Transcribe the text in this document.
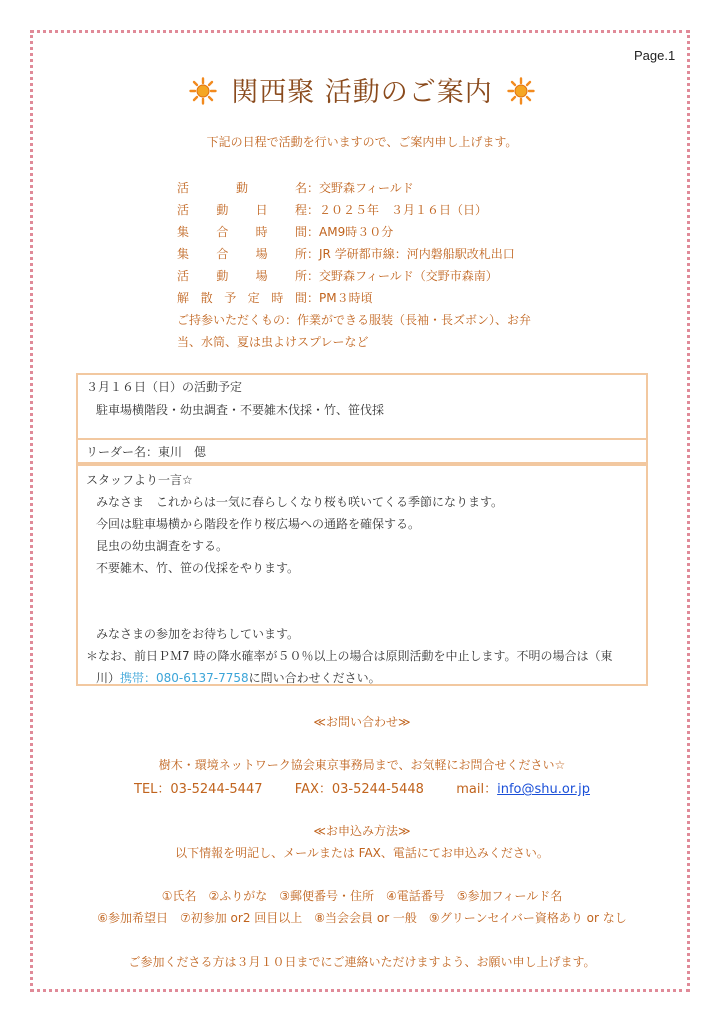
Page.1
関西聚 活動のご案内
下記の日程で活動を行いますので、ご案内申し上げます。
活動名：交野森フィールド
活動日程：２０２５年　３月１６日（日）
集合時間：AM9時３０分
集合場所：JR 学研都市線：河内磐船駅改札出口
活動場所：交野森フィールド（交野市森南）
解散予定時間：PM３時頃
ご持参いただくもの：作業ができる服装（長袖・長ズボン）、お弁
当、水筒、夏は虫よけスプレーなど
３月１６日（日）の活動予定
駐車場横階段・幼虫調査・不要雑木伐採・竹、笹伐採
リーダー名：東川　偲
スタッフより一言☆
みなさま　これからは一気に春らしくなり桜も咲いてくる季節になります。
今回は駐車場横から階段を作り桜広場への通路を確保する。
昆虫の幼虫調査をする。
不要雑木、竹、笹の伐採をやります。
みなさまの参加をお待ちしています。
＊なお、前日ＰＭ7 時の降水確率が５０％以上の場合は原則活動を中止します。不明の場合は（東
川）携帯：080-6137-7758に問い合わせください。
≪お問い合わせ≫
樹木・環境ネットワーク協会東京事務局まで、お気軽にお問合せください☆
TEL：03-5244-5447 FAX：03-5244-5448 mail：info@shu.or.jp
≪お申込み方法≫
以下情報を明記し、メールまたは FAX、電話にてお申込みください。
①氏名　②ふりがな　③郵便番号・住所　④電話番号　⑤参加フィールド名
⑥参加希望日　⑦初参加 or2 回目以上　⑧当会会員 or 一般　⑨グリーンセイバー資格あり or なし
ご参加くださる方は３月１０日までにご連絡いただけますよう、お願い申し上げます。
